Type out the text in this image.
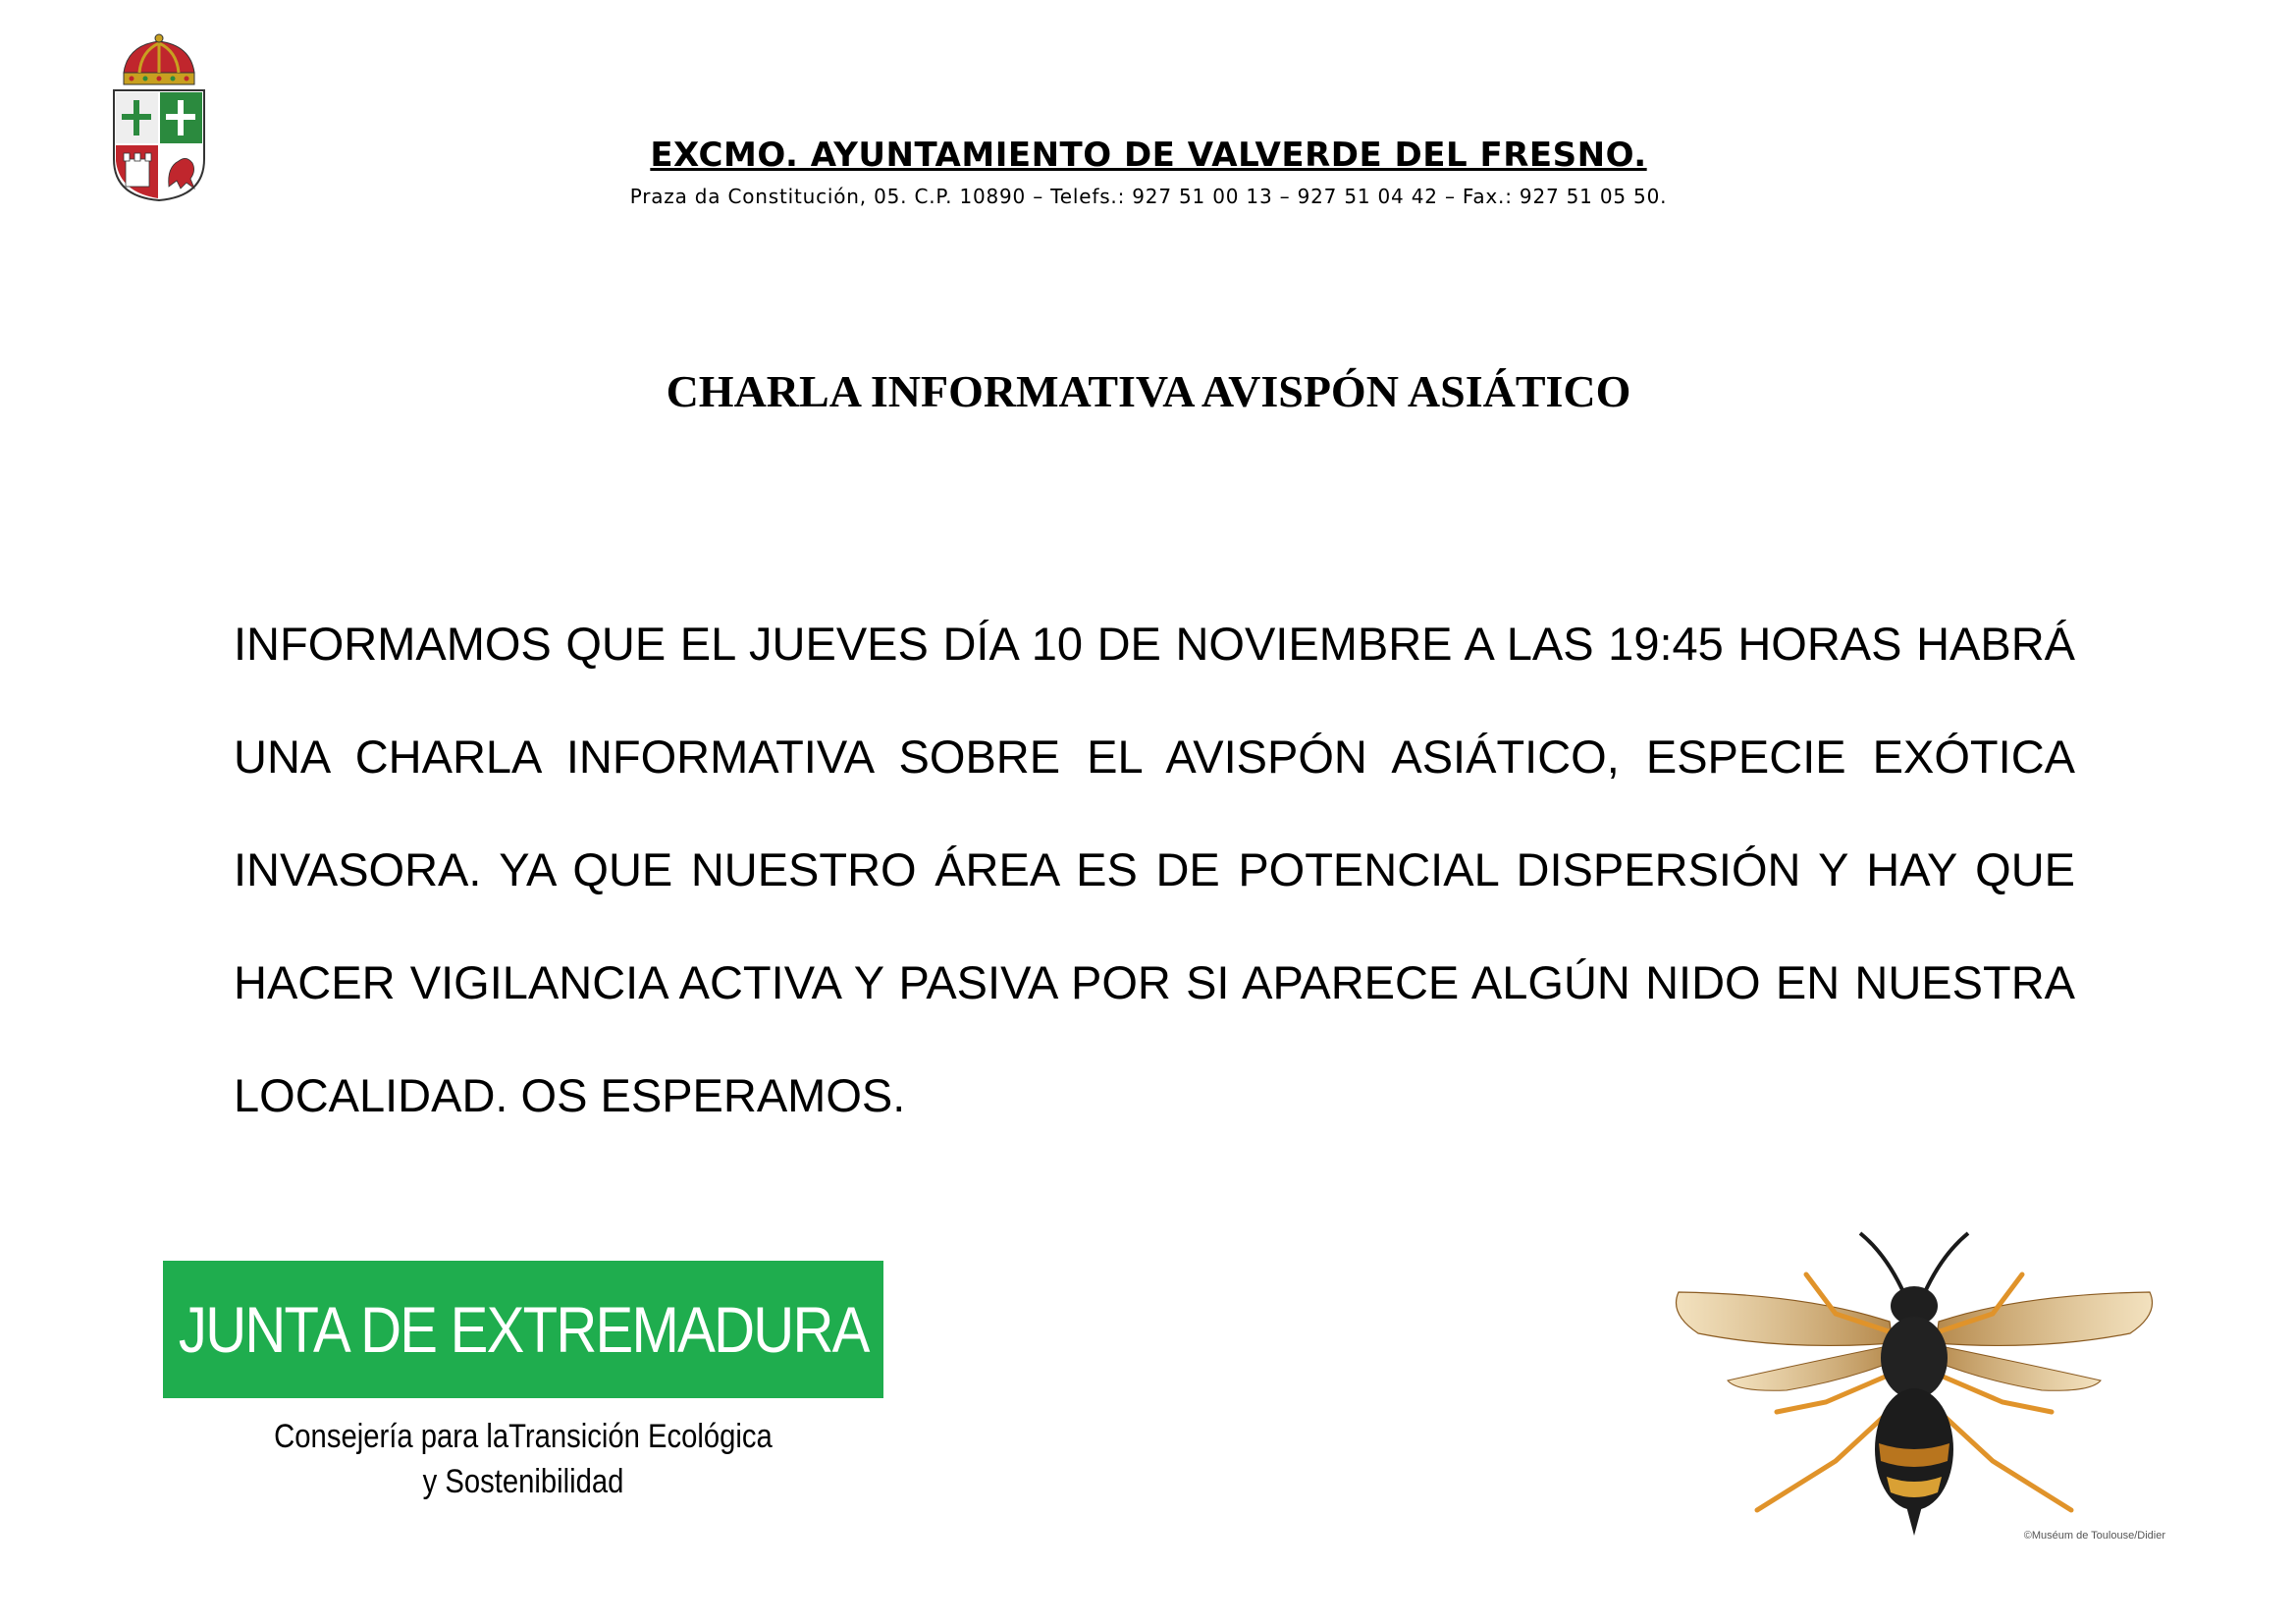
EXCMO. AYUNTAMIENTO DE VALVERDE DEL FRESNO.
Praza da Constitución, 05. C.P. 10890 – Telefs.: 927 51 00 13 – 927 51 04 42 – Fax.: 927 51 05 50.
CHARLA INFORMATIVA AVISPÓN ASIÁTICO
INFORMAMOS QUE EL JUEVES DÍA 10 DE NOVIEMBRE A LAS 19:45 HORAS HABRÁ UNA CHARLA INFORMATIVA SOBRE EL AVISPÓN ASIÁTICO, ESPECIE EXÓTICA INVASORA. YA QUE NUESTRO ÁREA ES DE POTENCIAL DISPERSIÓN Y HAY QUE HACER VIGILANCIA ACTIVA Y PASIVA POR SI APARECE ALGÚN NIDO EN NUESTRA LOCALIDAD. OS ESPERAMOS.
JUNTA DE EXTREMADURA
Consejería para laTransición Ecológica
y Sostenibilidad
©Muséum de Toulouse/Didier
